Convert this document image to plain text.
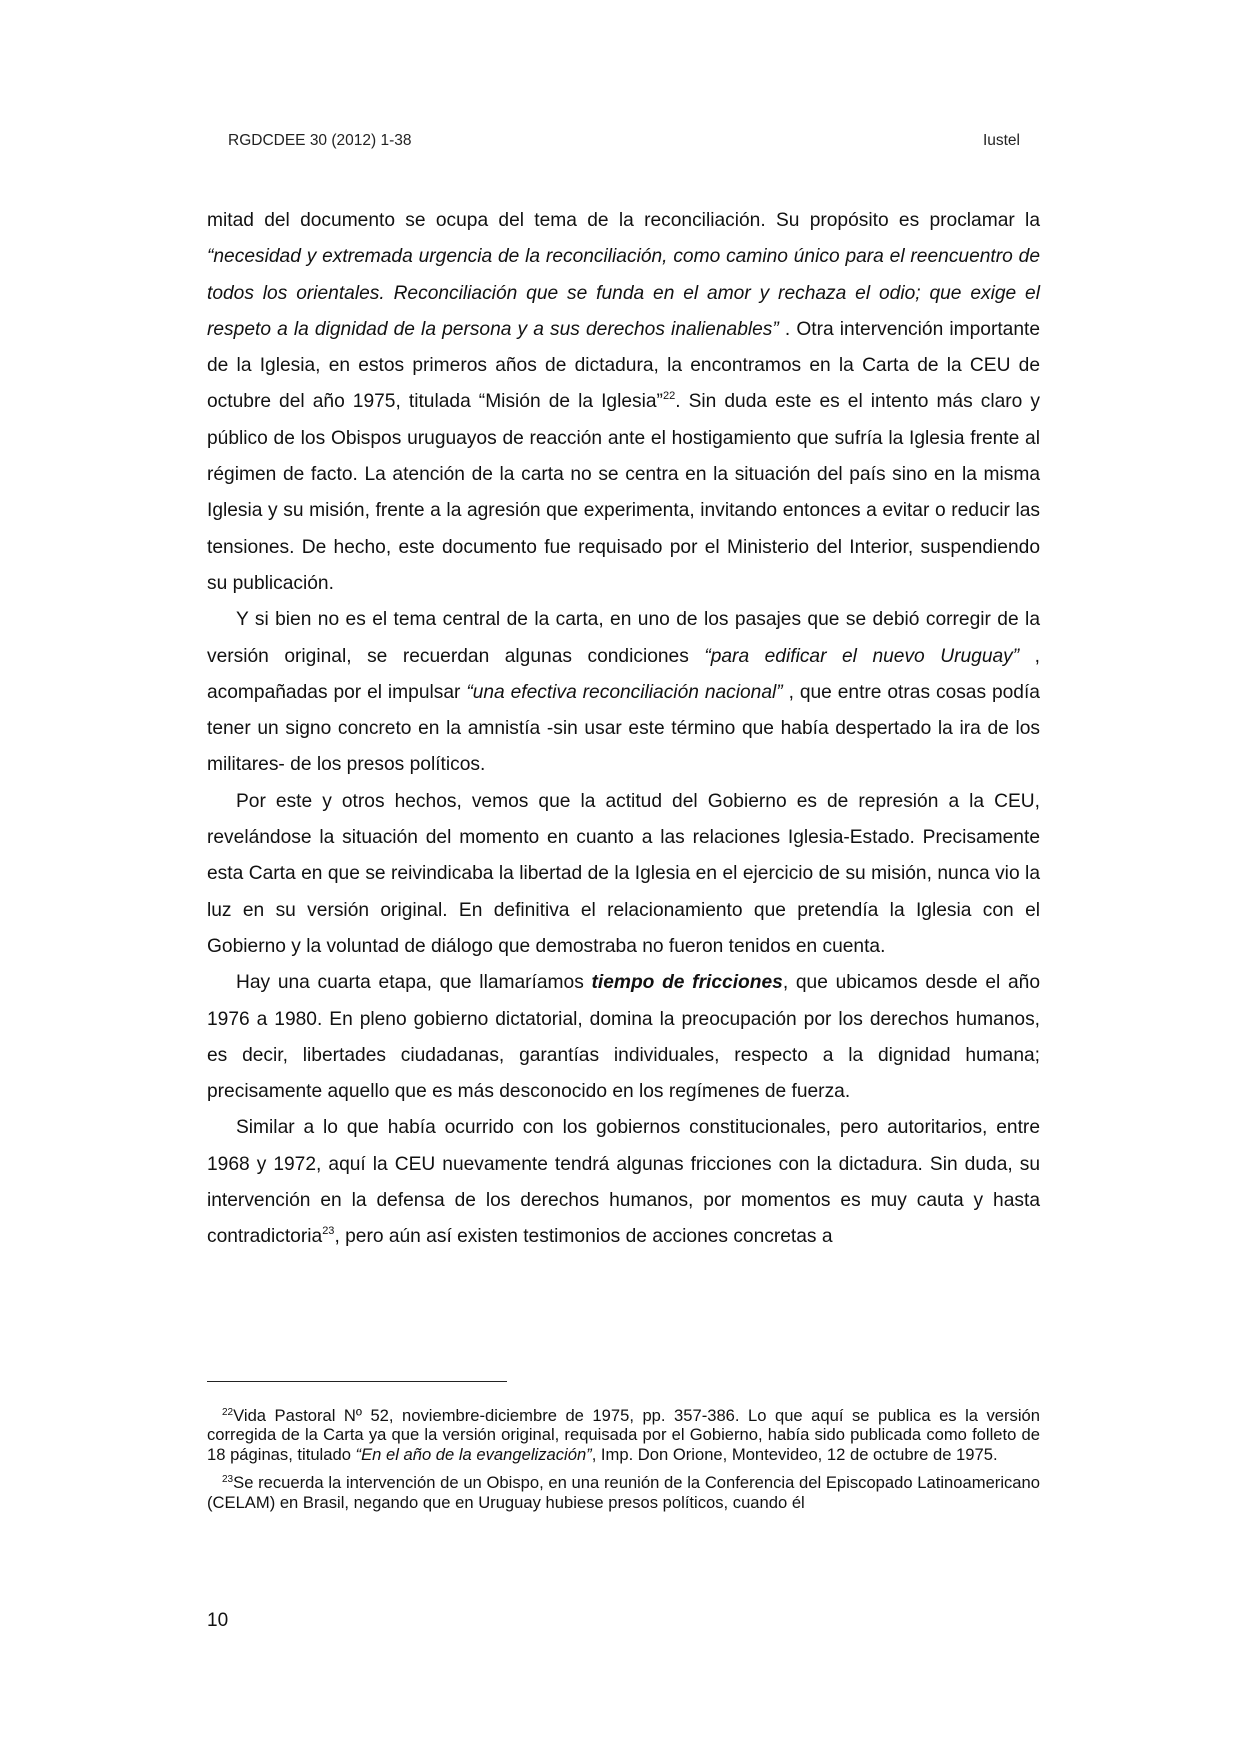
RGDCDEE 30 (2012) 1-38	Iustel

mitad del documento se ocupa del tema de la reconciliación. Su propósito es proclamar la “necesidad y extremada urgencia de la reconciliación, como camino único para el reencuentro de todos los orientales. Reconciliación que se funda en el amor y rechaza el odio; que exige el respeto a la dignidad de la persona y a sus derechos inalienables” . Otra intervención importante de la Iglesia, en estos primeros años de dictadura, la encontramos en la Carta de la CEU de octubre del año 1975, titulada “Misión de la Iglesia”$^{22}$. Sin duda este es el intento más claro y público de los Obispos uruguayos de reacción ante el hostigamiento que sufría la Iglesia frente al régimen de facto. La atención de la carta no se centra en la situación del país sino en la misma Iglesia y su misión, frente a la agresión que experimenta, invitando entonces a evitar o reducir las tensiones. De hecho, este documento fue requisado por el Ministerio del Interior, suspendiendo su publicación.

Y si bien no es el tema central de la carta, en uno de los pasajes que se debió corregir de la versión original, se recuerdan algunas condiciones “para edificar el nuevo Uruguay” , acompañadas por el impulsar “una efectiva reconciliación nacional” , que entre otras cosas podía tener un signo concreto en la amnistía -sin usar este término que había despertado la ira de los militares- de los presos políticos.

Por este y otros hechos, vemos que la actitud del Gobierno es de represión a la CEU, revelándose la situación del momento en cuanto a las relaciones Iglesia-Estado. Precisamente esta Carta en que se reivindicaba la libertad de la Iglesia en el ejercicio de su misión, nunca vio la luz en su versión original. En definitiva el relacionamiento que pretendía la Iglesia con el Gobierno y la voluntad de diálogo que demostraba no fueron tenidos en cuenta.

Hay una cuarta etapa, que llamaríamos tiempo de fricciones, que ubicamos desde el año 1976 a 1980. En pleno gobierno dictatorial, domina la preocupación por los derechos humanos, es decir, libertades ciudadanas, garantías individuales, respecto a la dignidad humana; precisamente aquello que es más desconocido en los regímenes de fuerza.

Similar a lo que había ocurrido con los gobiernos constitucionales, pero autoritarios, entre 1968 y 1972, aquí la CEU nuevamente tendrá algunas fricciones con la dictadura. Sin duda, su intervención en la defensa de los derechos humanos, por momentos es muy cauta y hasta contradictoria$^{23}$, pero aún así existen testimonios de acciones concretas a

$^{22}$Vida Pastoral Nº 52, noviembre-diciembre de 1975, pp. 357-386. Lo que aquí se publica es la versión corregida de la Carta ya que la versión original, requisada por el Gobierno, había sido publicada como folleto de 18 páginas, titulado “En el año de la evangelización”, Imp. Don Orione, Montevideo, 12 de octubre de 1975.

$^{23}$Se recuerda la intervención de un Obispo, en una reunión de la Conferencia del Episcopado Latinoamericano (CELAM) en Brasil, negando que en Uruguay hubiese presos políticos, cuando él

10
